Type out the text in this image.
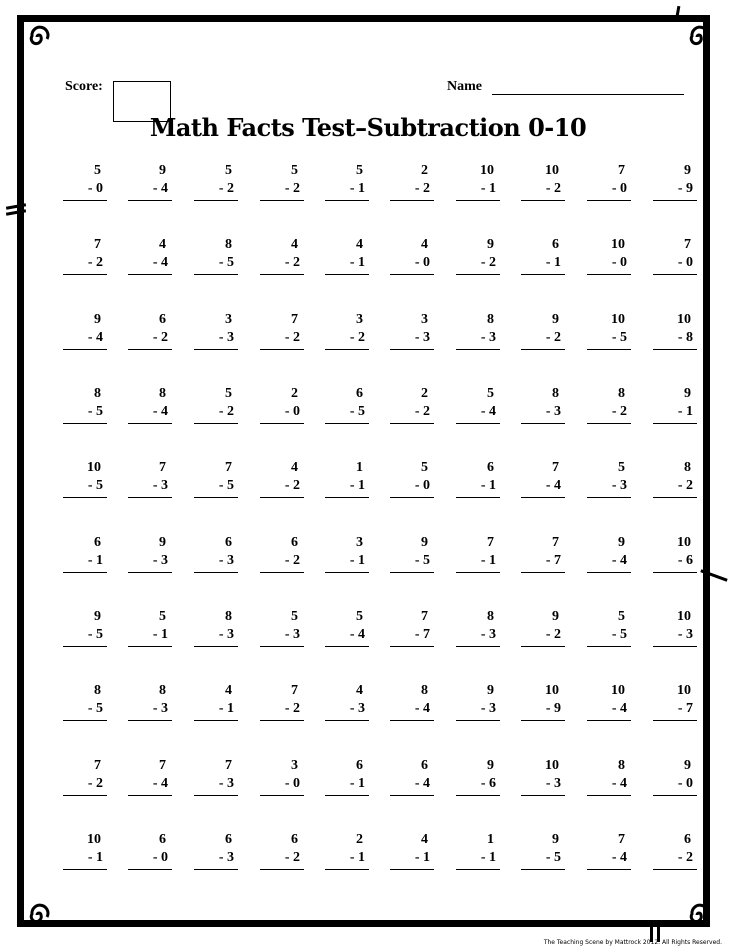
Score:	Name
Math Facts Test–Subtraction 0-10
5
- 0
9
- 4
5
- 2
5
- 2
5
- 1
2
- 2
10
- 1
10
- 2
7
- 0
9
- 9
7
- 2
4
- 4
8
- 5
4
- 2
4
- 1
4
- 0
9
- 2
6
- 1
10
- 0
7
- 0
9
- 4
6
- 2
3
- 3
7
- 2
3
- 2
3
- 3
8
- 3
9
- 2
10
- 5
10
- 8
8
- 5
8
- 4
5
- 2
2
- 0
6
- 5
2
- 2
5
- 4
8
- 3
8
- 2
9
- 1
10
- 5
7
- 3
7
- 5
4
- 2
1
- 1
5
- 0
6
- 1
7
- 4
5
- 3
8
- 2
6
- 1
9
- 3
6
- 3
6
- 2
3
- 1
9
- 5
7
- 1
7
- 7
9
- 4
10
- 6
9
- 5
5
- 1
8
- 3
5
- 3
5
- 4
7
- 7
8
- 3
9
- 2
5
- 5
10
- 3
8
- 5
8
- 3
4
- 1
7
- 2
4
- 3
8
- 4
9
- 3
10
- 9
10
- 4
10
- 7
7
- 2
7
- 4
7
- 3
3
- 0
6
- 1
6
- 4
9
- 6
10
- 3
8
- 4
9
- 0
10
- 1
6
- 0
6
- 3
6
- 2
2
- 1
4
- 1
1
- 1
9
- 5
7
- 4
6
- 2
The Teaching Scene by Mattrock 2012. All Rights Reserved.
